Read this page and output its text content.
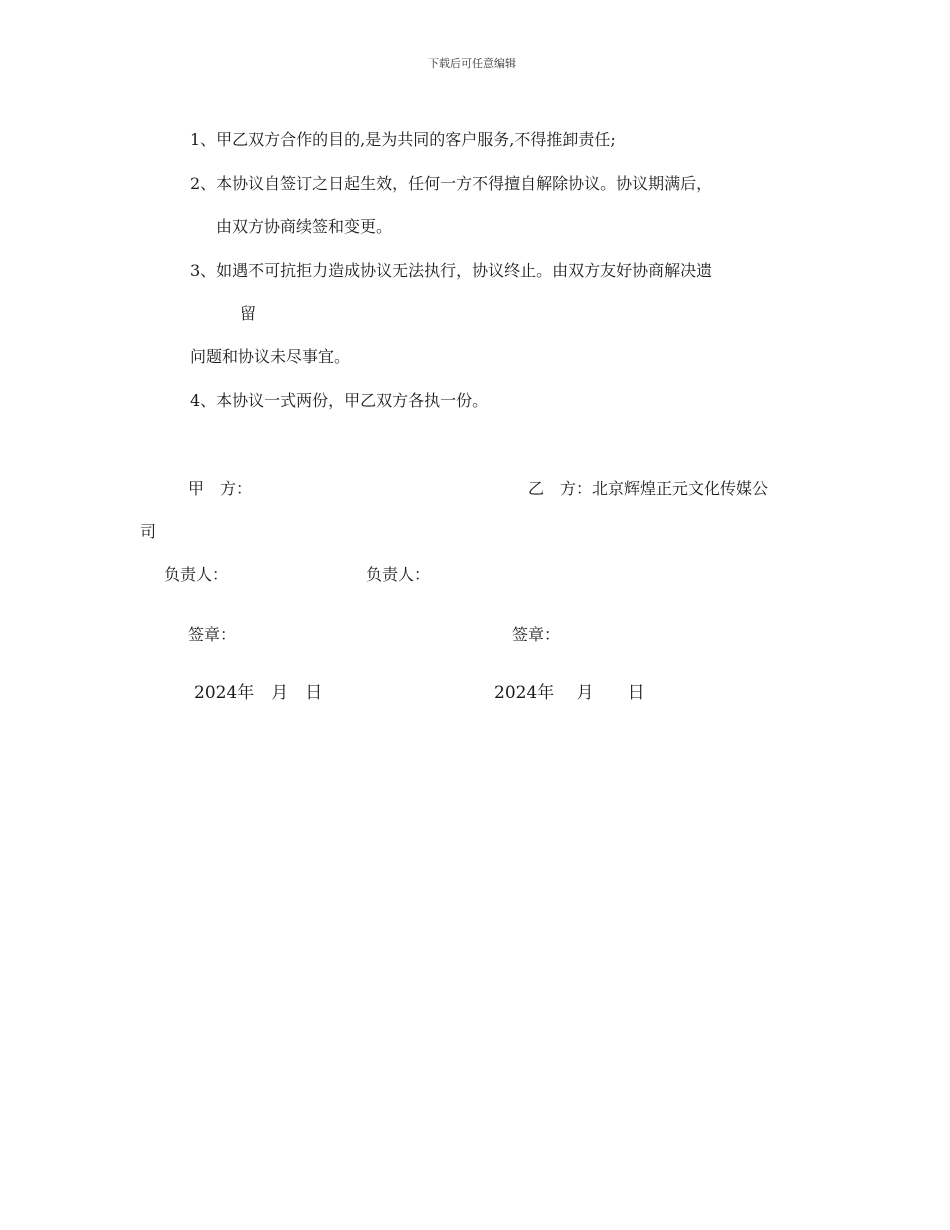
下载后可任意编辑
1、甲乙双方合作的目的,是为共同的客户服务,不得推卸责任;
2、本协议自签订之日起生效，任何一方不得擅自解除协议。协议期满后，
由双方协商续签和变更。
3、如遇不可抗拒力造成协议无法执行，协议终止。由双方友好协商解决遗
留
问题和协议未尽事宜。
4、本协议一式两份，甲乙双方各执一份。
甲　方：	乙　方：北京辉煌正元文化传媒公
司
负责人：	负责人：
签章：	签章：
2024年　月　日	2024年　 月　　日
